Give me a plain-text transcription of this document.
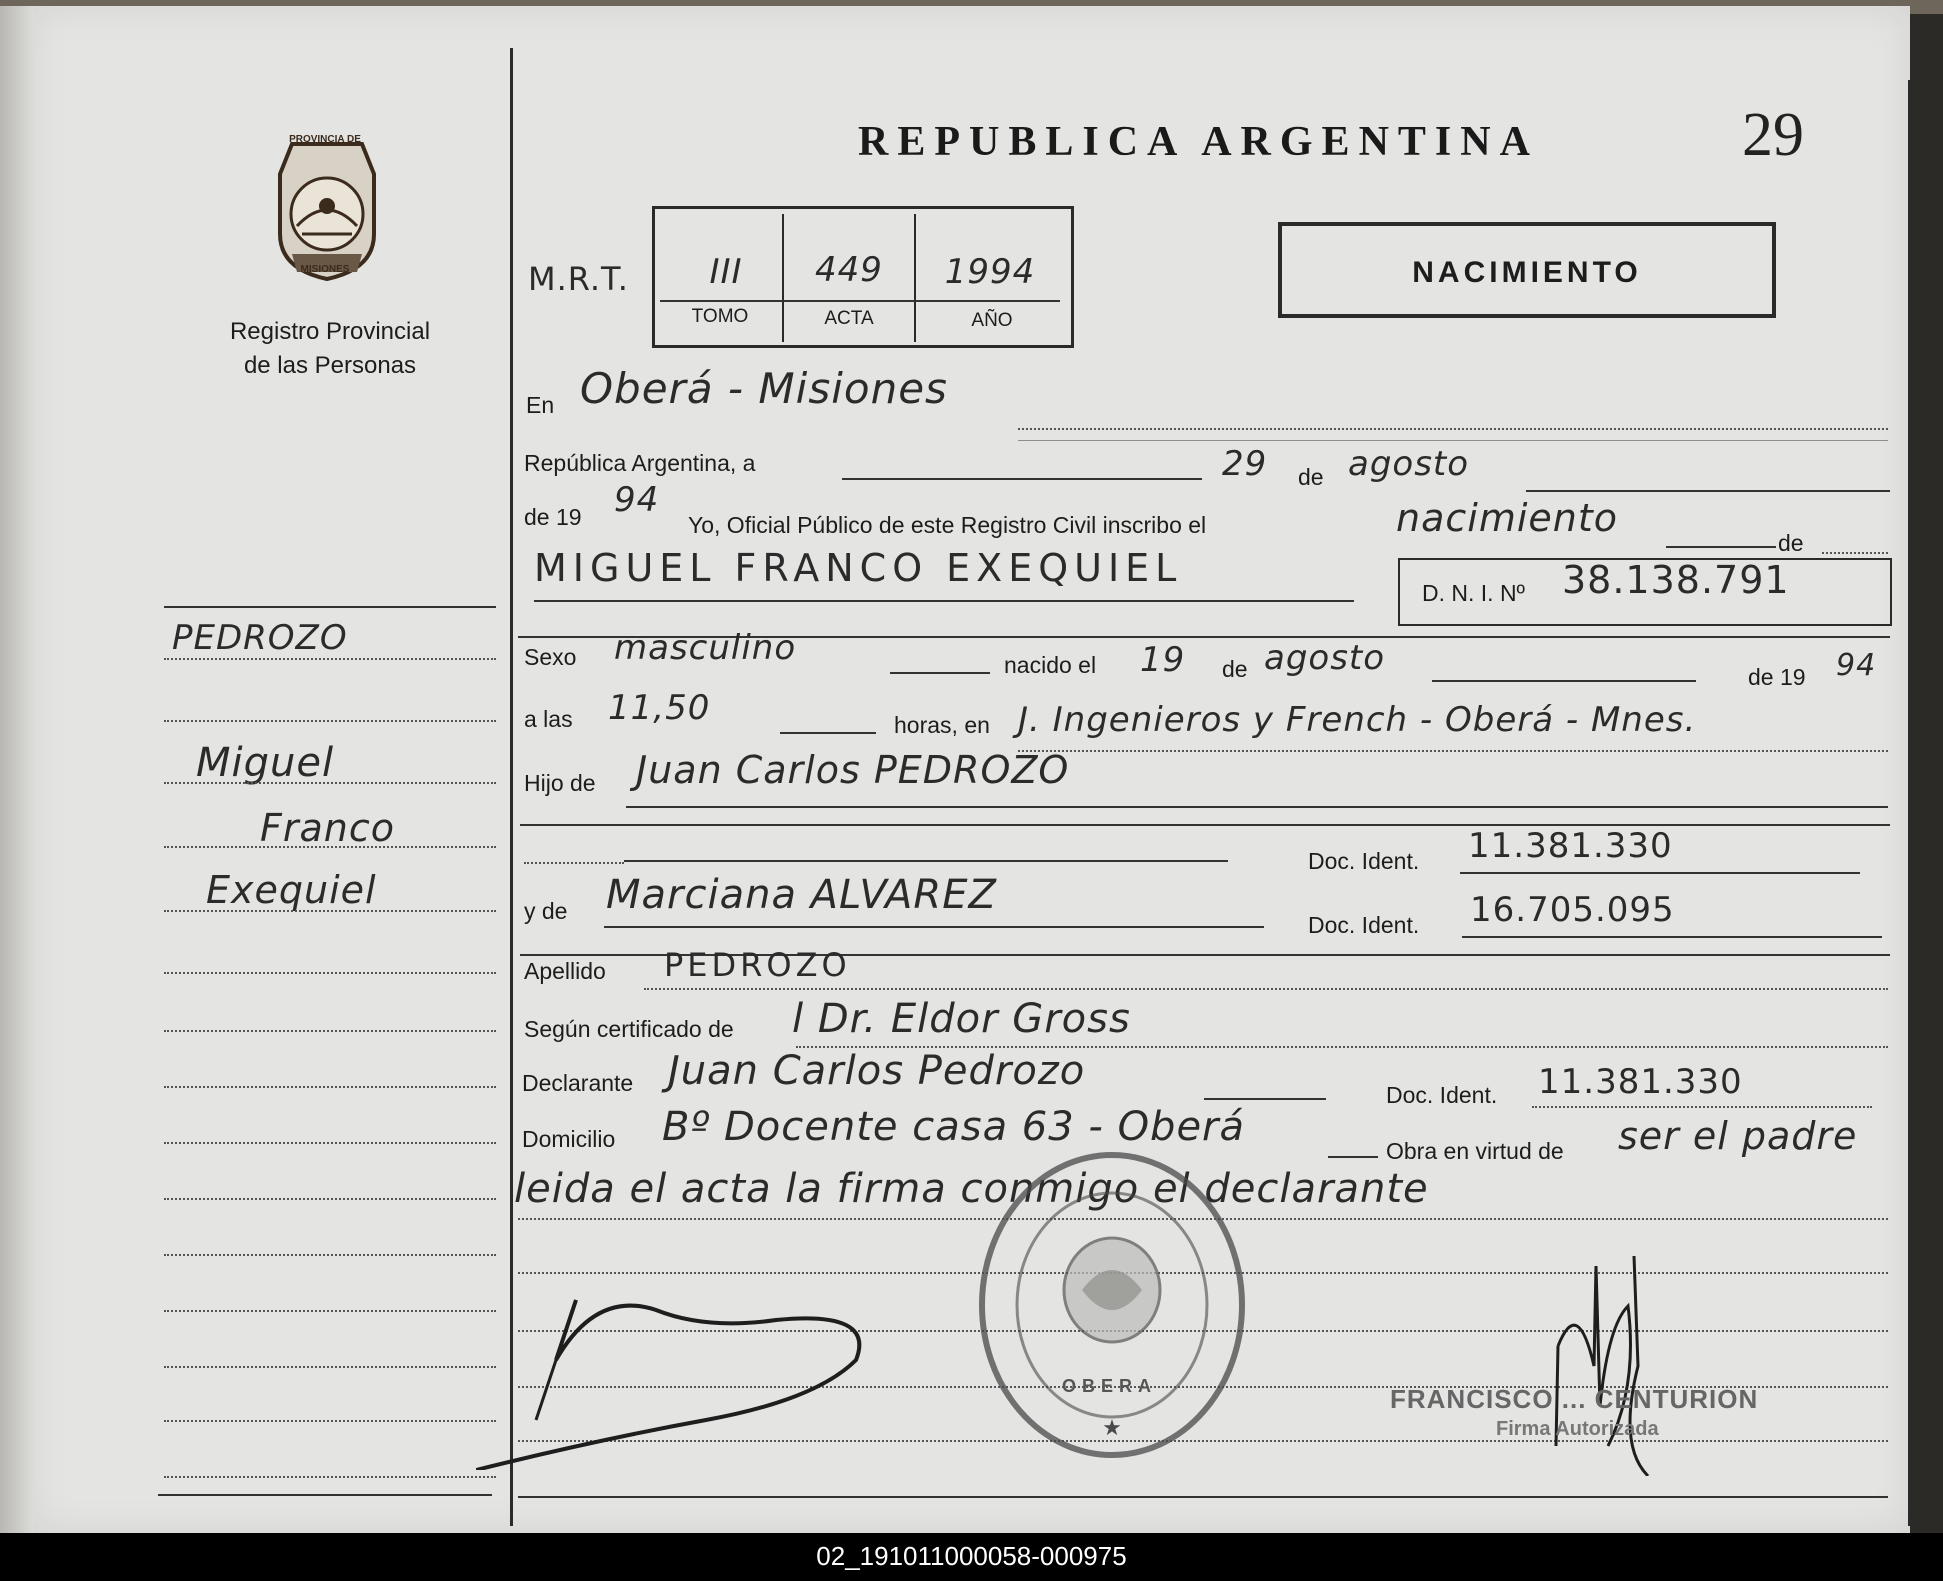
PROVINCIA DE
MISIONES
Registro Provincial
de las Personas
REPUBLICA ARGENTINA	29
NACIMIENTO
M.R.T.	III	449	1994
TOMO	ACTA	AÑO
PEDROZO
Miguel
Franco
Exequiel
En Oberá - Misiones
República Argentina, a	29 de agosto
de 19 94
Yo, Oficial Público de este Registro Civil inscribo el	nacimiento
de
MIGUEL FRANCO EXEQUIEL
D. N. I. Nº 38.138.791
Sexo masculino	nacido el 19 de agosto	de 19 94
a las 11,50	horas, en J. Ingenieros y French - Oberá - Mnes.
Hijo de Juan Carlos PEDROZO
Doc. Ident. 11.381.330
y de Marciana ALVAREZ
Doc. Ident. 16.705.095
Apellido PEDROZO
Según certificado de l Dr. Eldor Gross
Declarante Juan Carlos Pedrozo
Doc. Ident. 11.381.330
Domicilio Bº Docente casa 63 - Oberá
Obra en virtud de ser el padre
leida el acta la firma conmigo el declarante
★
OBERA	FRANCISCO ... CENTURION
Firma Autorizada
02_191011000058-000975
